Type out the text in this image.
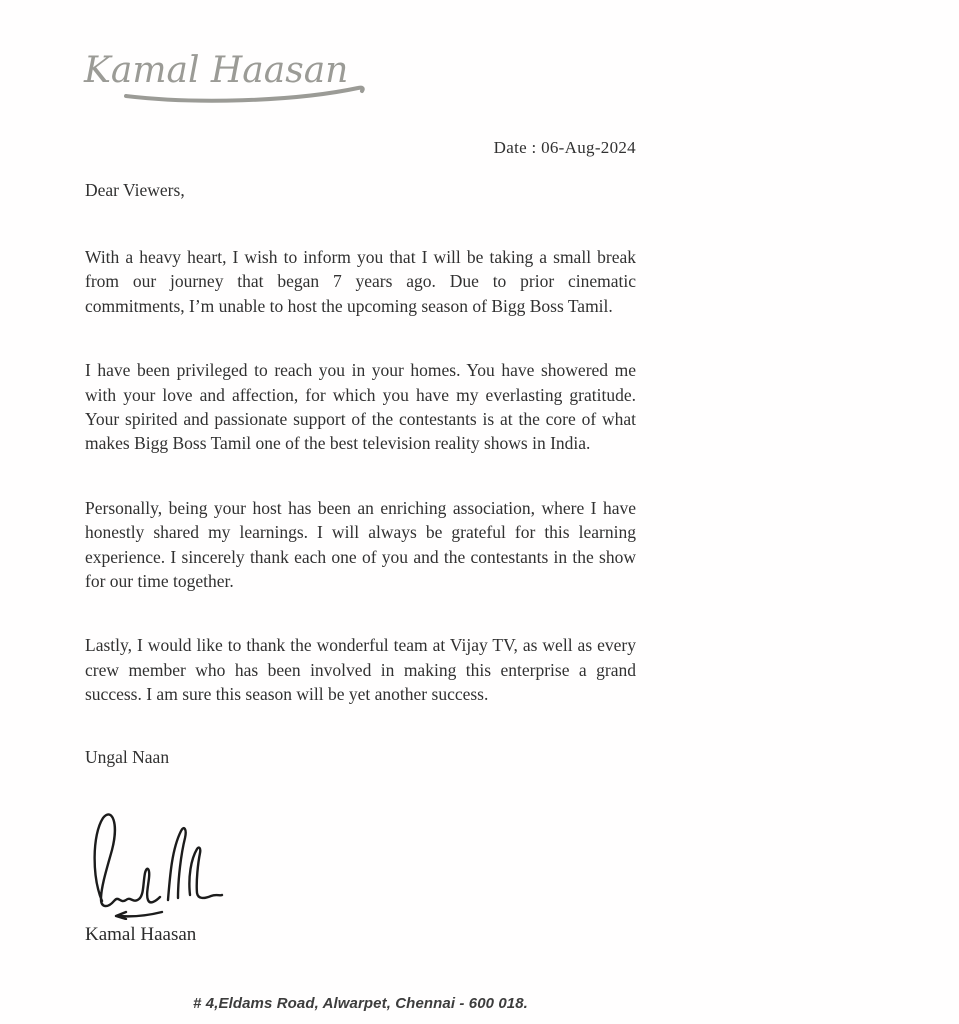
Kamal Haasan

Date : 06-Aug-2024

Dear Viewers,

With a heavy heart, I wish to inform you that I will be taking a small break from our journey that began 7 years ago. Due to prior cinematic commitments, I’m unable to host the upcoming season of Bigg Boss Tamil.

I have been privileged to reach you in your homes. You have showered me with your love and affection, for which you have my everlasting gratitude. Your spirited and passionate support of the contestants is at the core of what makes Bigg Boss Tamil one of the best television reality shows in India.

Personally, being your host has been an enriching association, where I have honestly shared my learnings. I will always be grateful for this learning experience. I sincerely thank each one of you and the contestants in the show for our time together.

Lastly, I would like to thank the wonderful team at Vijay TV, as well as every crew member who has been involved in making this enterprise a grand success. I am sure this season will be yet another success.

Ungal Naan

Kamal Haasan

# 4,Eldams Road, Alwarpet, Chennai - 600 018.
